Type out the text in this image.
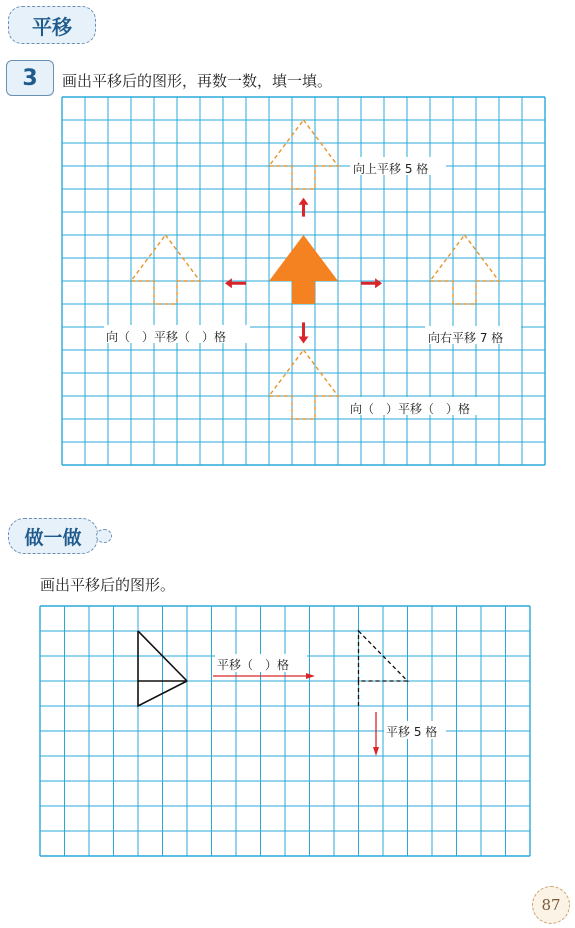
平移
3 画出平移后的图形，再数一数，填一填。
向上平移 5 格
向（　）平移（　）格	向右平移 7 格
向（　）平移（　）格
做一做
画出平移后的图形。
平移（　）格
平移 5 格
87
